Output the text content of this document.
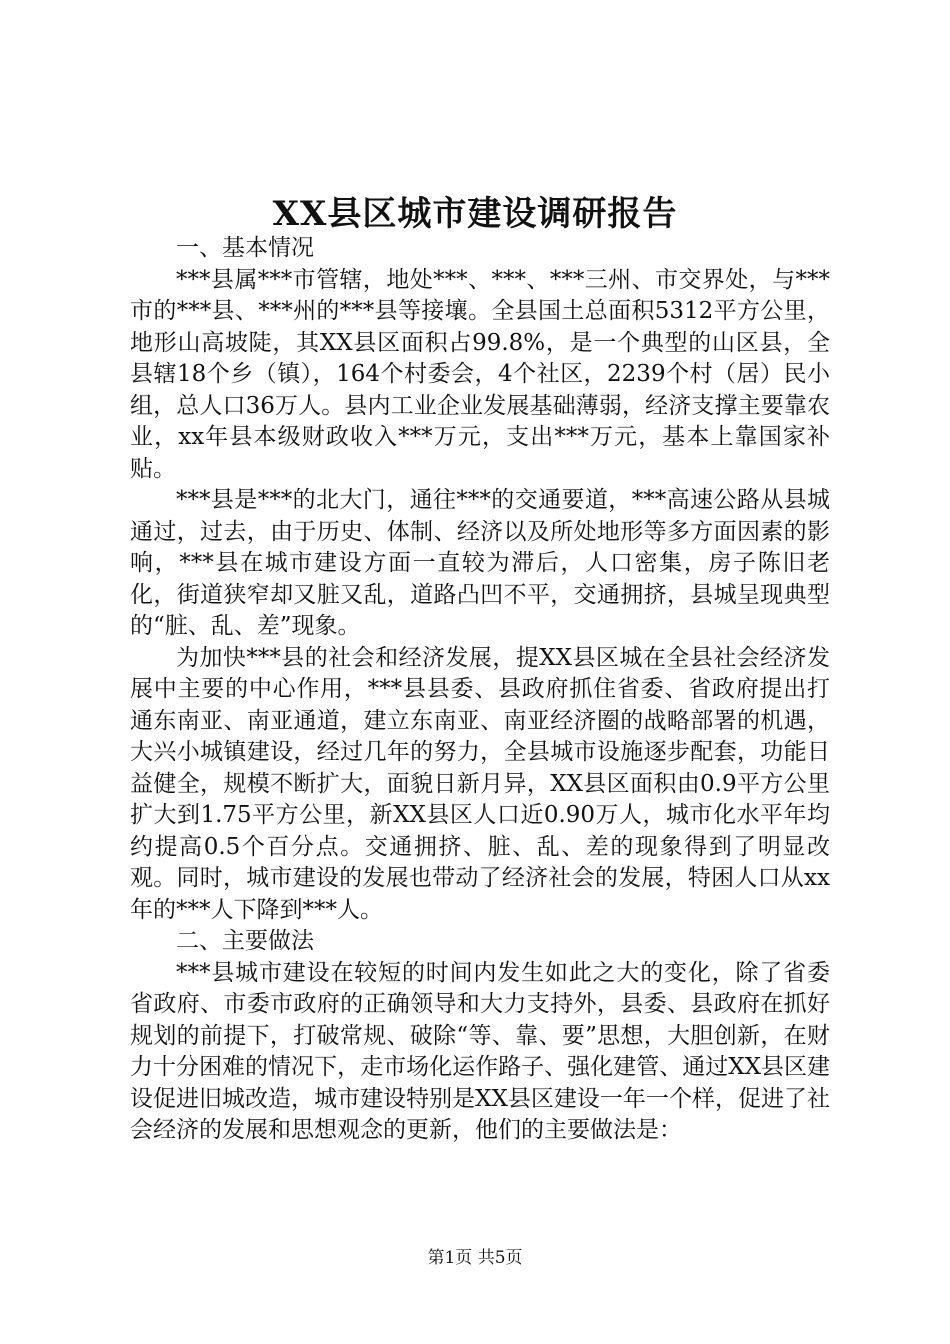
XX县区城市建设调研报告

一、基本情况

***县属***市管辖，地处***、***、***三州、市交界处，与***市的***县、***州的***县等接壤。全县国土总面积5312平方公里，地形山高坡陡，其XX县区面积占99.8%，是一个典型的山区县，全县辖18个乡（镇），164个村委会，4个社区，2239个村（居）民小组，总人口36万人。县内工业企业发展基础薄弱，经济支撑主要靠农业，xx年县本级财政收入***万元，支出***万元，基本上靠国家补贴。

***县是***的北大门，通往***的交通要道，***高速公路从县城通过，过去，由于历史、体制、经济以及所处地形等多方面因素的影响，***县在城市建设方面一直较为滞后，人口密集，房子陈旧老化，街道狭窄却又脏又乱，道路凸凹不平，交通拥挤，县城呈现典型的“脏、乱、差”现象。

为加快***县的社会和经济发展，提XX县区城在全县社会经济发展中主要的中心作用，***县县委、县政府抓住省委、省政府提出打通东南亚、南亚通道，建立东南亚、南亚经济圈的战略部署的机遇，大兴小城镇建设，经过几年的努力，全县城市设施逐步配套，功能日益健全，规模不断扩大，面貌日新月异，XX县区面积由0.9平方公里扩大到1.75平方公里，新XX县区人口近0.90万人，城市化水平年均约提高0.5个百分点。交通拥挤、脏、乱、差的现象得到了明显改观。同时，城市建设的发展也带动了经济社会的发展，特困人口从xx年的***人下降到***人。

二、主要做法

***县城市建设在较短的时间内发生如此之大的变化，除了省委省政府、市委市政府的正确领导和大力支持外，县委、县政府在抓好规划的前提下，打破常规、破除“等、靠、要”思想，大胆创新，在财力十分困难的情况下，走市场化运作路子、强化建管、通过XX县区建设促进旧城改造，城市建设特别是XX县区建设一年一个样，促进了社会经济的发展和思想观念的更新，他们的主要做法是：

第1页 共5页
